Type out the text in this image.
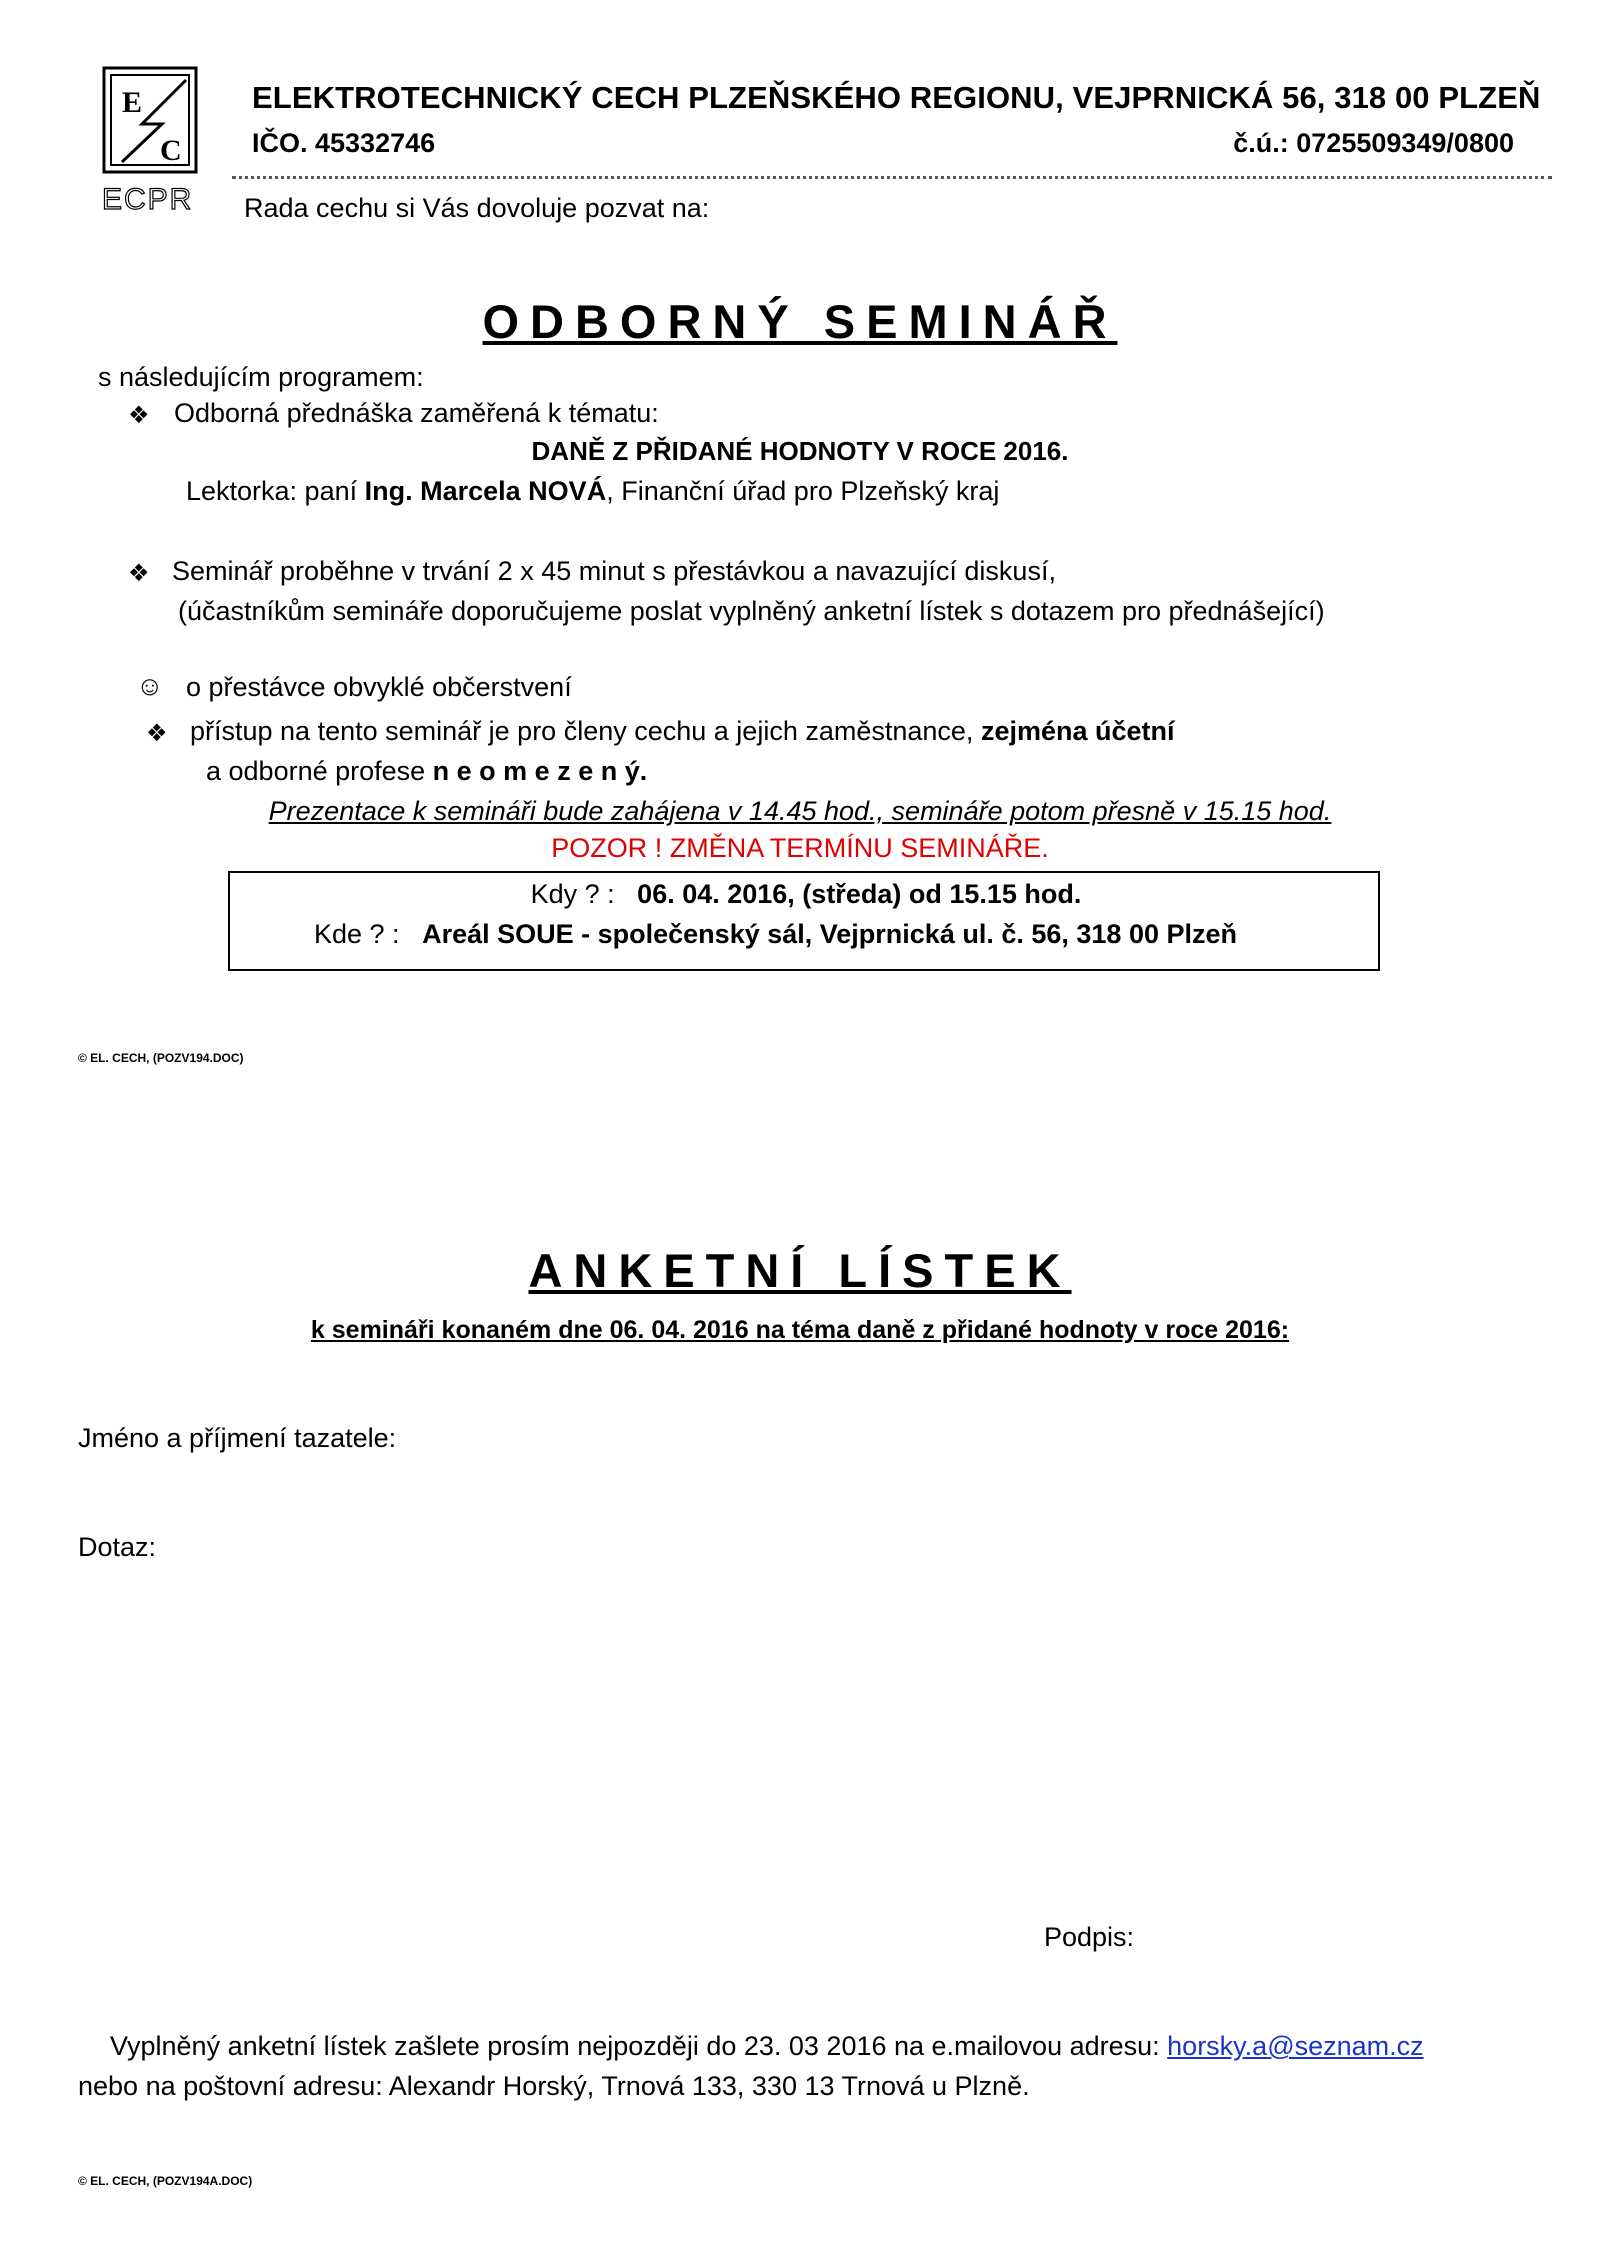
E
C
ECPR
ELEKTROTECHNICKÝ CECH PLZEŇSKÉHO REGIONU, VEJPRNICKÁ 56, 318 00 PLZEŇ
IČO. 45332746	č.ú.: 0725509349/0800
Rada cechu si Vás dovoluje pozvat na:
ODBORNÝ SEMINÁŘ
s následujícím programem:
❖ Odborná přednáška zaměřená k tématu:
DANĚ Z PŘIDANÉ HODNOTY V ROCE 2016.
Lektorka: paní Ing. Marcela NOVÁ, Finanční úřad pro Plzeňský kraj
❖ Seminář proběhne v trvání 2 x 45 minut s přestávkou a navazující diskusí,
(účastníkům semináře doporučujeme poslat vyplněný anketní lístek s dotazem pro přednášející)
☺ o přestávce obvyklé občerstvení
❖ přístup na tento seminář je pro členy cechu a jejich zaměstnance, zejména účetní
a odborné profese n e o m e z e n ý.
Prezentace k semináři bude zahájena v 14.45 hod., semináře potom přesně v 15.15 hod.
POZOR ! ZMĚNA TERMÍNU SEMINÁŘE.
Kdy ? : 06. 04. 2016, (středa) od 15.15 hod.
Kde ? : Areál SOUE - společenský sál, Vejprnická ul. č. 56, 318 00 Plzeň
© EL. CECH, (POZV194.DOC)
ANKETNÍ LÍSTEK
k semináři konaném dne 06. 04. 2016 na téma daně z přidané hodnoty v roce 2016:
Jméno a příjmení tazatele:
Dotaz:
Podpis:
Vyplněný anketní lístek zašlete prosím nejpozději do 23. 03 2016 na e.mailovou adresu: horsky.a@seznam.cz
nebo na poštovní adresu: Alexandr Horský, Trnová 133, 330 13 Trnová u Plzně.
© EL. CECH, (POZV194A.DOC)
